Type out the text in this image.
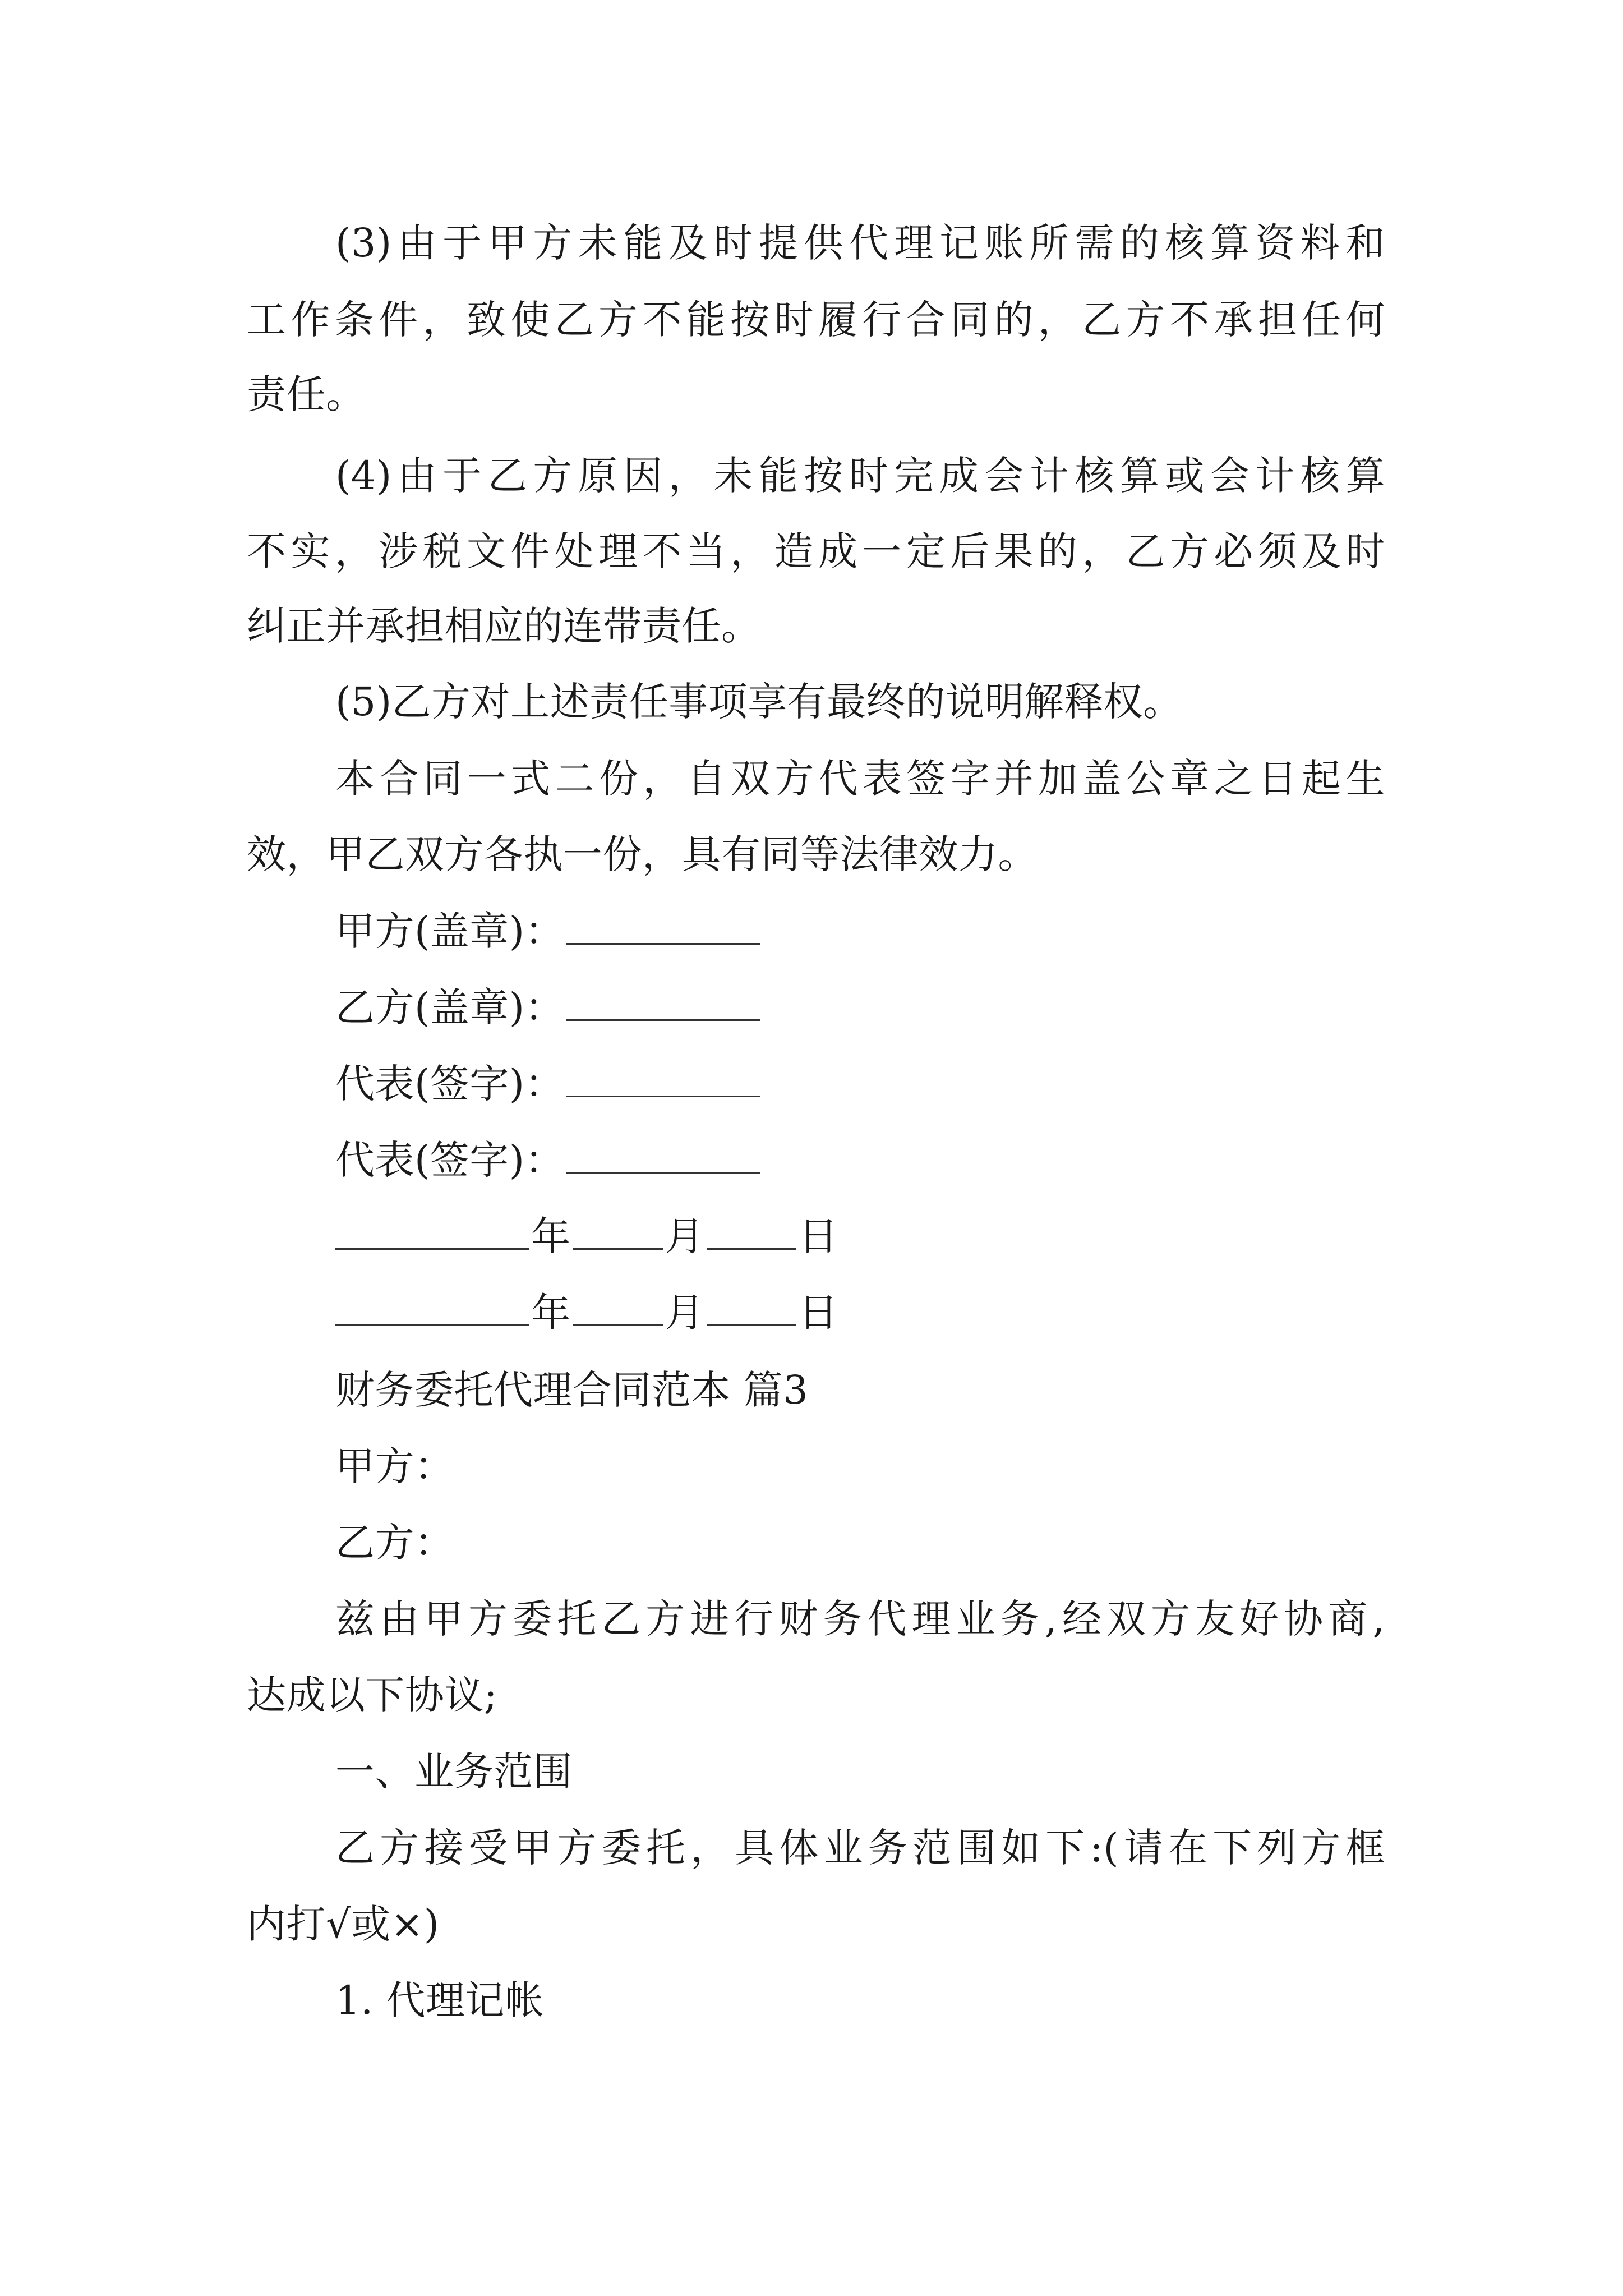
(3)由于甲方未能及时提供代理记账所需的核算资料和
工作条件，致使乙方不能按时履行合同的，乙方不承担任何
责任。
(4)由于乙方原因，未能按时完成会计核算或会计核算
不实，涉税文件处理不当，造成一定后果的，乙方必须及时
纠正并承担相应的连带责任。
(5)乙方对上述责任事项享有最终的说明解释权。
本合同一式二份，自双方代表签字并加盖公章之日起生
效，甲乙双方各执一份，具有同等法律效力。
甲方(盖章)：
乙方(盖章)：
代表(签字)：
代表(签字)：
年 月 日
年 月 日
财务委托代理合同范本 篇3
甲方：
乙方：
兹由甲方委托乙方进行财务代理业务,经双方友好协商,
达成以下协议;
一、业务范围
乙方接受甲方委托，具体业务范围如下:(请在下列方框
内打√或×)
1. 代理记帐
